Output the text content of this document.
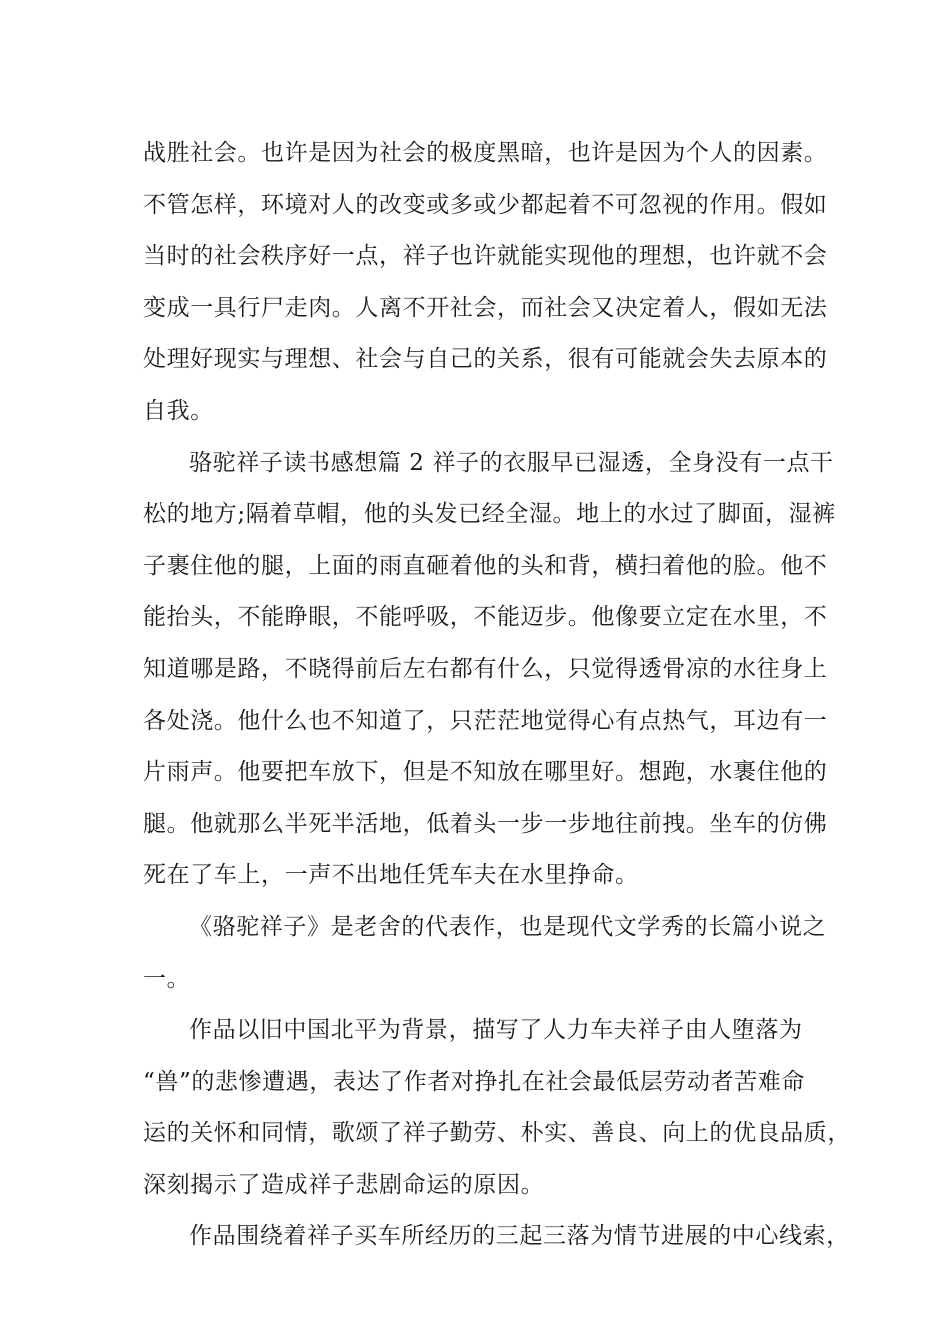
战胜社会。也许是因为社会的极度黑暗，也许是因为个人的因素。
不管怎样，环境对人的改变或多或少都起着不可忽视的作用。假如
当时的社会秩序好一点，祥子也许就能实现他的理想，也许就不会
变成一具行尸走肉。人离不开社会，而社会又决定着人，假如无法
处理好现实与理想、社会与自己的关系，很有可能就会失去原本的
自我。
骆驼祥子读书感想篇 2 祥子的衣服早已湿透，全身没有一点干
松的地方;隔着草帽，他的头发已经全湿。地上的水过了脚面，湿裤
子裹住他的腿，上面的雨直砸着他的头和背，横扫着他的脸。他不
能抬头，不能睁眼，不能呼吸，不能迈步。他像要立定在水里，不
知道哪是路，不晓得前后左右都有什么，只觉得透骨凉的水往身上
各处浇。他什么也不知道了，只茫茫地觉得心有点热气，耳边有一
片雨声。他要把车放下，但是不知放在哪里好。想跑，水裹住他的
腿。他就那么半死半活地，低着头一步一步地往前拽。坐车的仿佛
死在了车上，一声不出地任凭车夫在水里挣命。
《骆驼祥子》是老舍的代表作，也是现代文学秀的长篇小说之
一。
作品以旧中国北平为背景，描写了人力车夫祥子由人堕落为
“兽”的悲惨遭遇，表达了作者对挣扎在社会最低层劳动者苦难命
运的关怀和同情，歌颂了祥子勤劳、朴实、善良、向上的优良品质，
深刻揭示了造成祥子悲剧命运的原因。
作品围绕着祥子买车所经历的三起三落为情节进展的中心线索，
